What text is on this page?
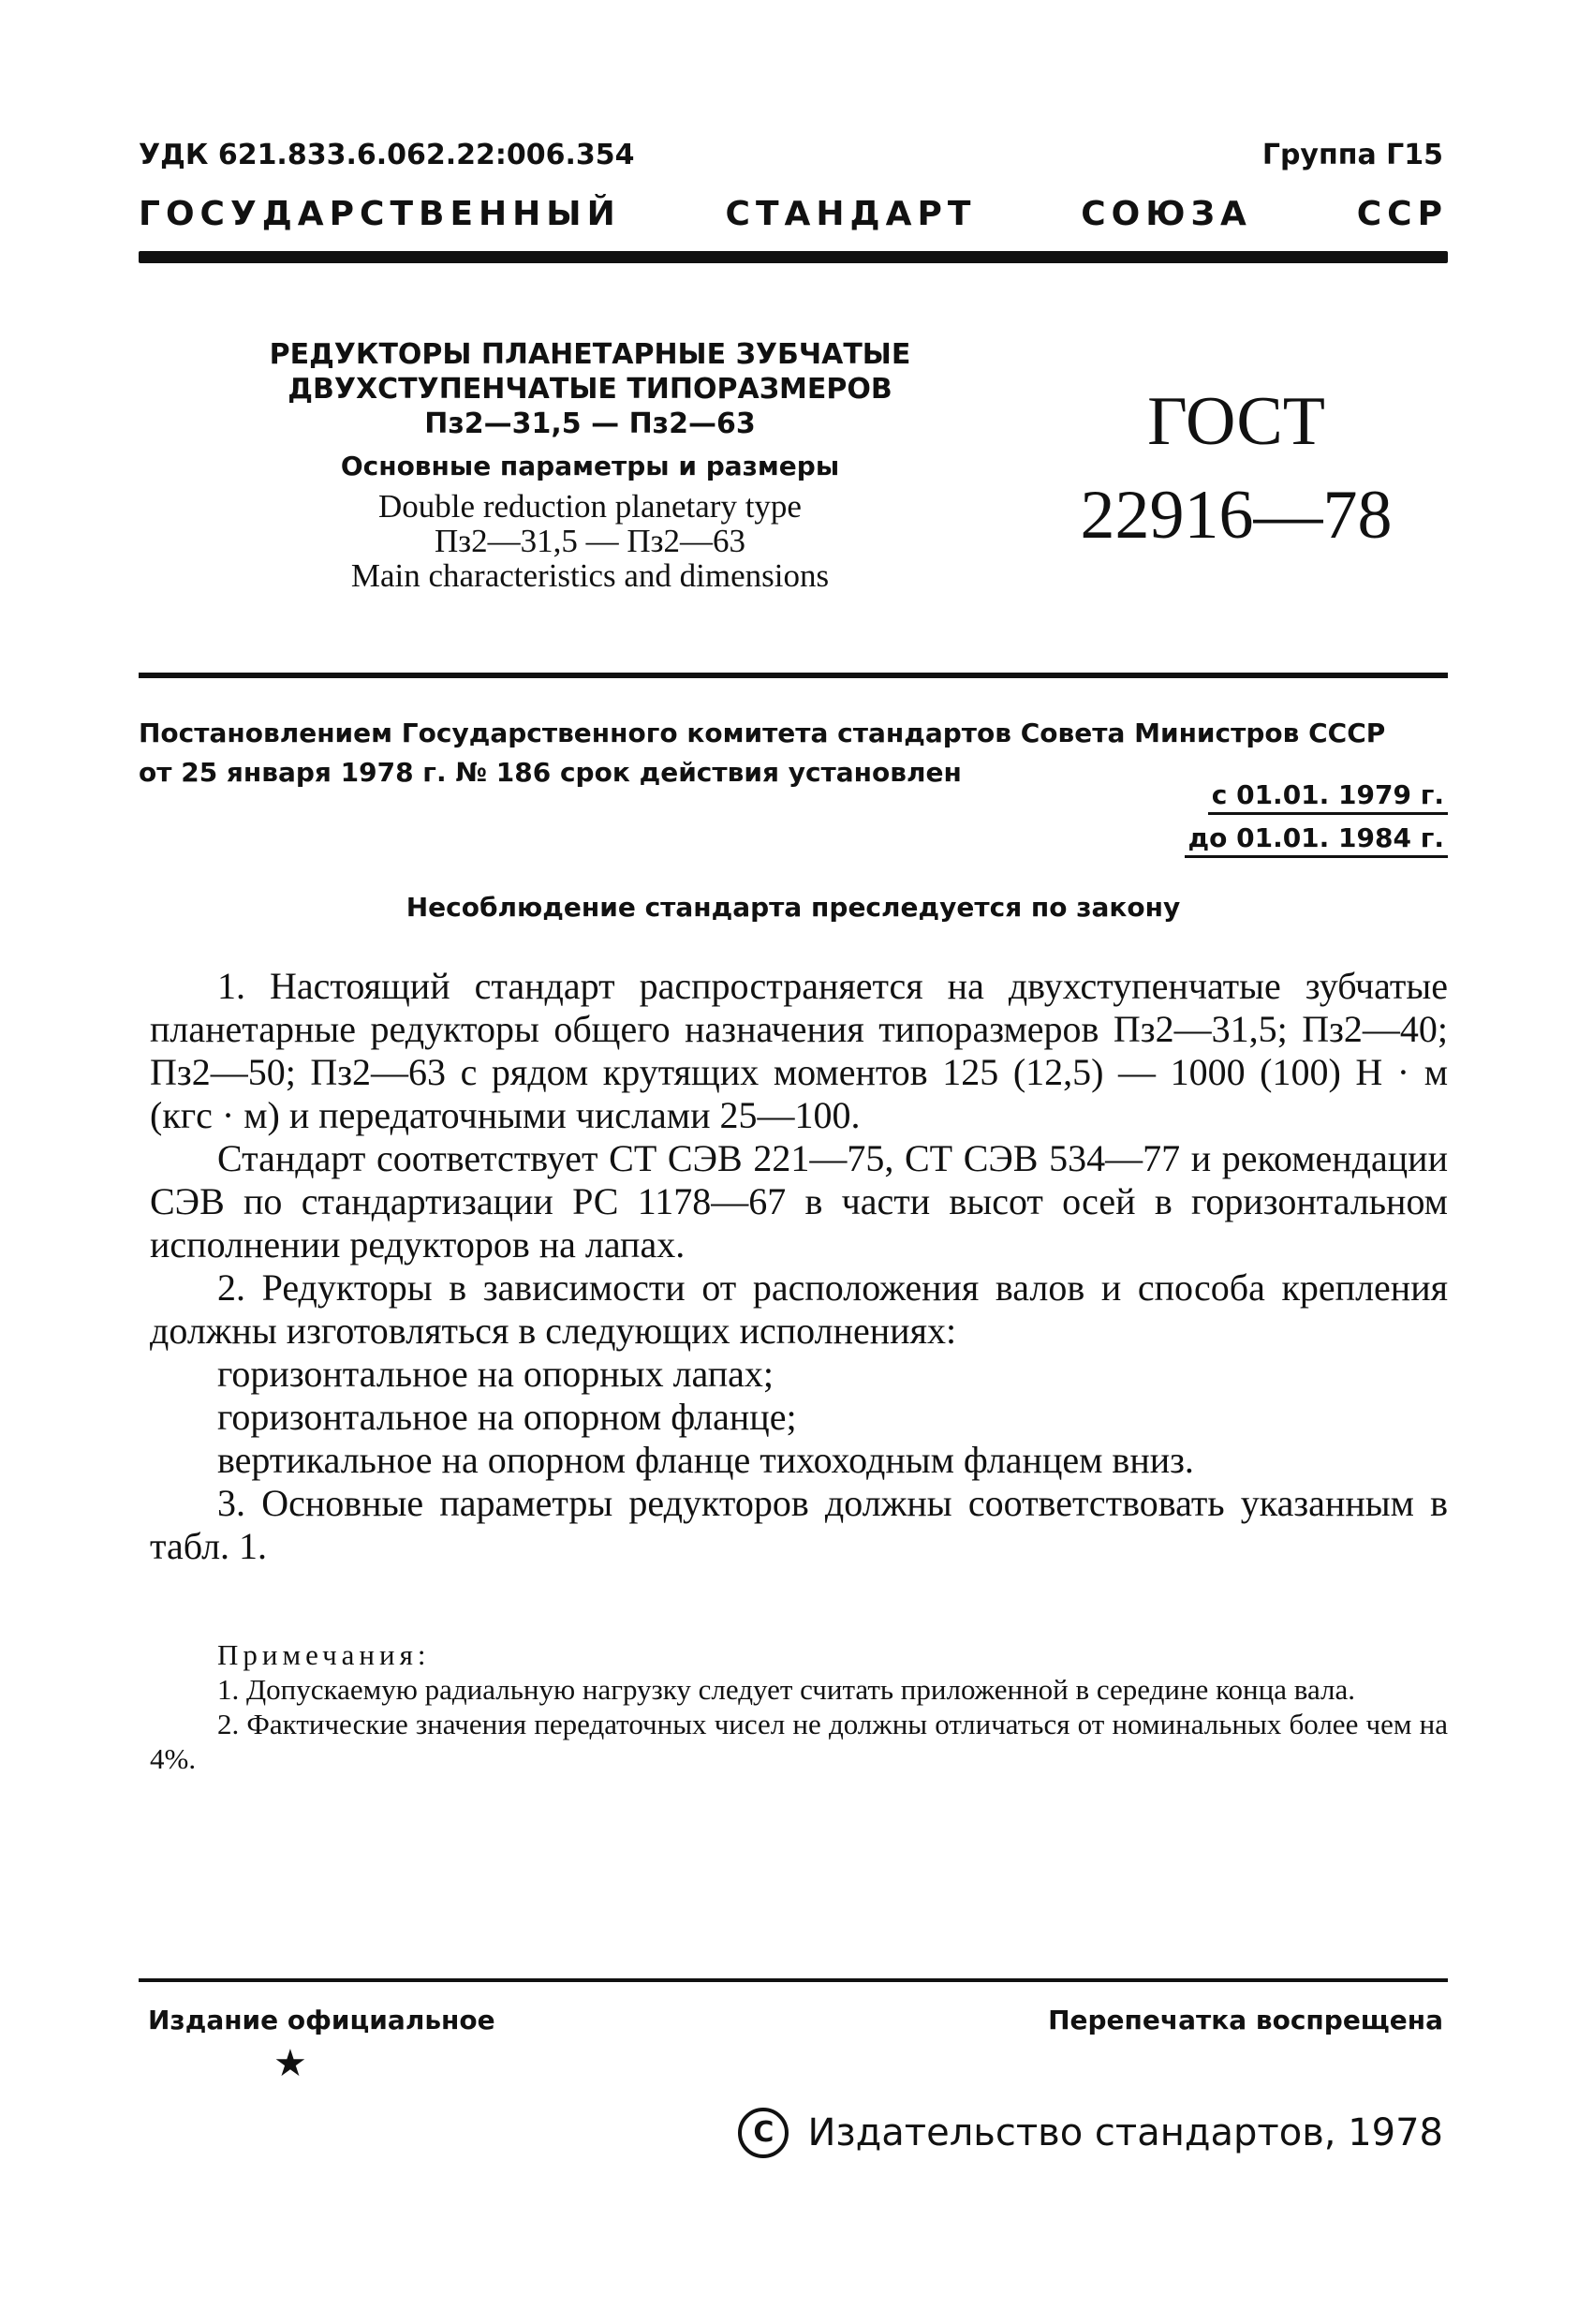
УДК 621.833.6.062.22:006.354	Группа Г15
ГОСУДАРСТВЕННЫЙ	СТАНДАРТ	СОЮЗА	ССР
РЕДУКТОРЫ ПЛАНЕТАРНЫЕ ЗУБЧАТЫЕ
ДВУХСТУПЕНЧАТЫЕ ТИПОРАЗМЕРОВ
Пз2—31,5 — Пз2—63
Основные параметры и размеры
Double reduction planetary type
Пз2—31,5 — Пз2—63
Main characteristics and dimensions
ГОСТ
22916—78
Постановлением Государственного комитета стандартов Совета Министров СССР
от 25 января 1978 г. № 186 срок действия установлен
с 01.01. 1979 г.
до 01.01. 1984 г.
Несоблюдение стандарта преследуется по закону

1. Настоящий стандарт распространяется на двухступенчатые зубчатые планетарные редукторы общего назначения типоразмеров Пз2—31,5; Пз2—40; Пз2—50; Пз2—63 с рядом крутящих моментов 125 (12,5) — 1000 (100) Н · м (кгс · м) и передаточными числами 25—100.

Стандарт соответствует СТ СЭВ 221—75, СТ СЭВ 534—77 и рекомендации СЭВ по стандартизации РС 1178—67 в части высот осей в горизонтальном исполнении редукторов на лапах.

2. Редукторы в зависимости от расположения валов и способа крепления должны изготовляться в следующих исполнениях:

горизонтальное на опорных лапах;

горизонтальное на опорном фланце;

вертикальное на опорном фланце тихоходным фланцем вниз.

3. Основные параметры редукторов должны соответствовать указанным в табл. 1.

Примечания:

1. Допускаемую радиальную нагрузку следует считать приложенной в середине конца вала.

2. Фактические значения передаточных чисел не должны отличаться от номинальных более чем на 4%.

Издание официальное	Перепечатка воспрещена
★
C Издательство стандартов, 1978
